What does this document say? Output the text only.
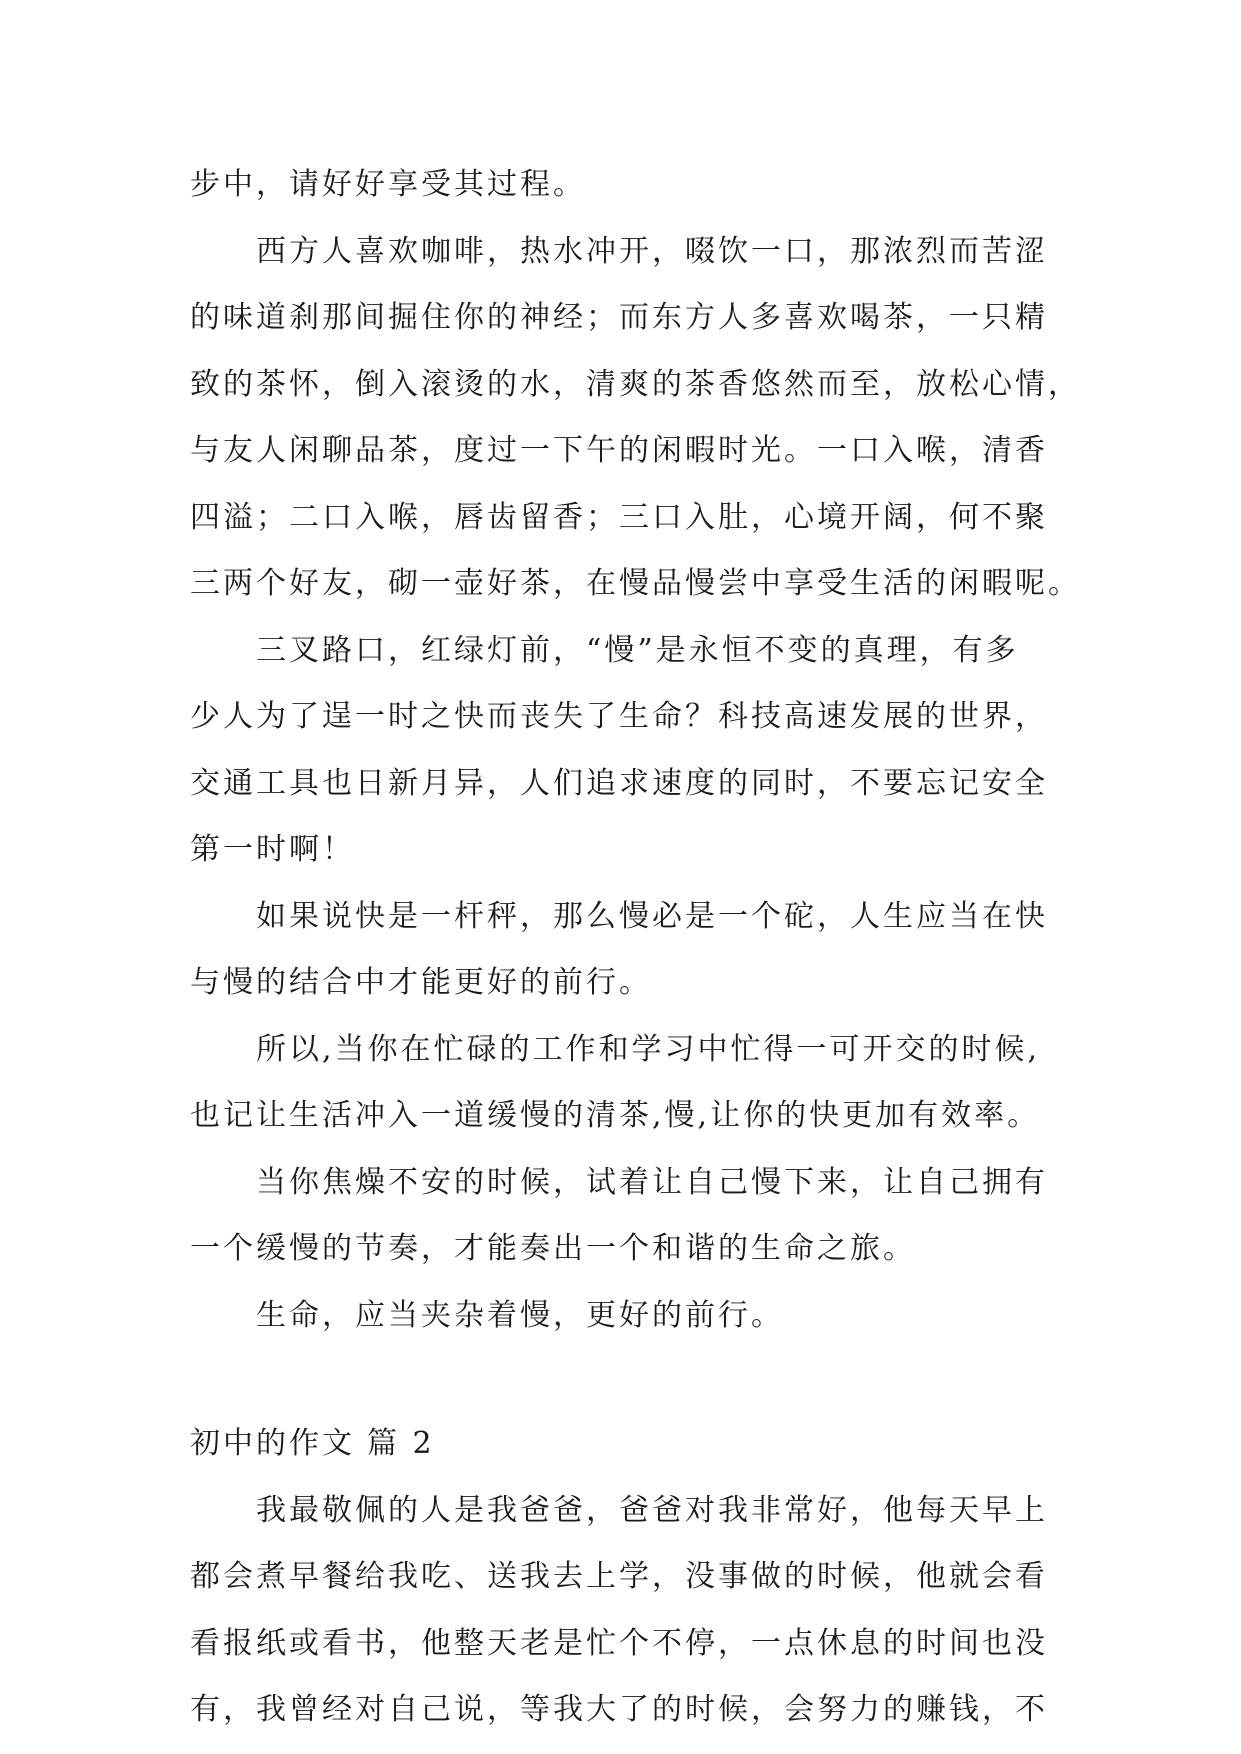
步中，请好好享受其过程。
西方人喜欢咖啡，热水冲开，啜饮一口，那浓烈而苦涩
的味道刹那间掘住你的神经；而东方人多喜欢喝茶，一只精
致的茶怀，倒入滚烫的水，清爽的茶香悠然而至，放松心情，
与友人闲聊品茶，度过一下午的闲暇时光。一口入喉，清香
四溢；二口入喉，唇齿留香；三口入肚，心境开阔，何不聚
三两个好友，砌一壶好茶，在慢品慢尝中享受生活的闲暇呢。
三叉路口，红绿灯前，“慢”是永恒不变的真理，有多
少人为了逞一时之快而丧失了生命？科技高速发展的世界，
交通工具也日新月异，人们追求速度的同时，不要忘记安全
第一时啊！
如果说快是一杆秤，那么慢必是一个砣，人生应当在快
与慢的结合中才能更好的前行。
所以,当你在忙碌的工作和学习中忙得一可开交的时候,
也记让生活冲入一道缓慢的清茶,慢,让你的快更加有效率。
当你焦燥不安的时候，试着让自己慢下来，让自己拥有
一个缓慢的节奏，才能奏出一个和谐的生命之旅。
生命，应当夹杂着慢，更好的前行。
初中的作文 篇 2
我最敬佩的人是我爸爸，爸爸对我非常好，他每天早上
都会煮早餐给我吃、送我去上学，没事做的时候，他就会看
看报纸或看书，他整天老是忙个不停，一点休息的时间也没
有，我曾经对自己说，等我大了的时候，会努力的赚钱，不
